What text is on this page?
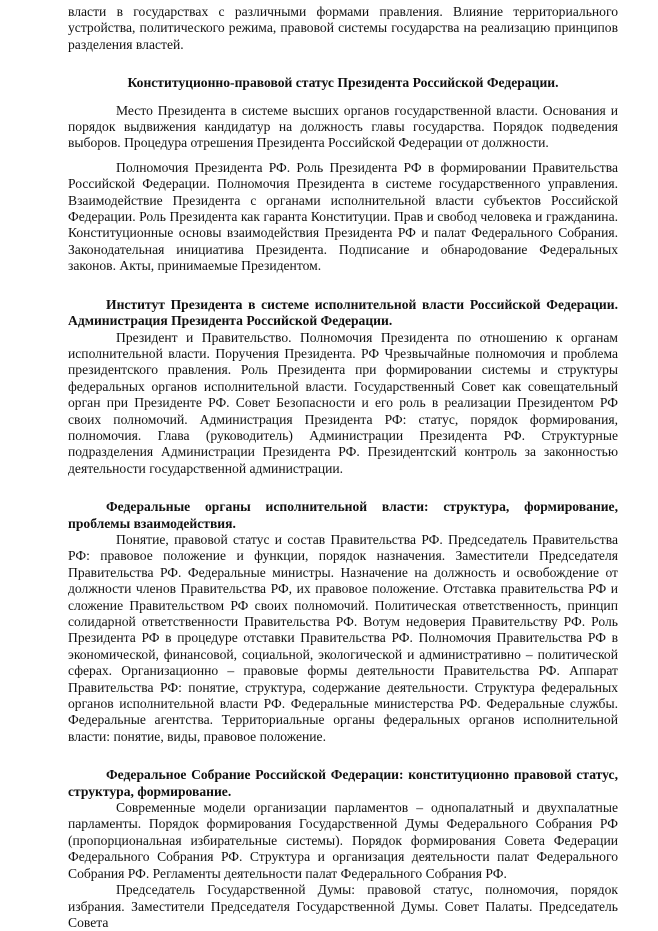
власти в государствах с различными формами правления. Влияние территориального устройства, политического режима, правовой системы государства на реализацию принципов разделения властей.

Конституционно-правовой статус Президента Российской Федерации.

Место Президента в системе высших органов государственной власти. Основания и порядок выдвижения кандидатур на должность главы государства. Порядок подведения выборов. Процедура отрешения Президента Российской Федерации от должности.

Полномочия Президента РФ. Роль Президента РФ в формировании Правительства Российской Федерации. Полномочия Президента в системе государственного управления. Взаимодействие Президента с органами исполнительной власти субъектов Российской Федерации. Роль Президента как гаранта Конституции. Прав и свобод человека и гражданина. Конституционные основы взаимодействия Президента РФ и палат Федерального Собрания. Законодательная инициатива Президента. Подписание и обнародование Федеральных законов. Акты, принимаемые Президентом.

Институт Президента в системе исполнительной власти Российской Федерации. Администрация Президента Российской Федерации.

Президент и Правительство. Полномочия Президента по отношению к органам исполнительной власти. Поручения Президента. РФ Чрезвычайные полномочия и проблема президентского правления. Роль Президента при формировании системы и структуры федеральных органов исполнительной власти. Государственный Совет как совещательный орган при Президенте РФ. Совет Безопасности и его роль в реализации Президентом РФ своих полномочий. Администрация Президента РФ: статус, порядок формирования, полномочия. Глава (руководитель) Администрации Президента РФ. Структурные подразделения Администрации Президента РФ. Президентский контроль за законностью деятельности государственной администрации.

Федеральные органы исполнительной власти: структура, формирование, проблемы взаимодействия.

Понятие, правовой статус и состав Правительства РФ. Председатель Правительства РФ: правовое положение и функции, порядок назначения. Заместители Председателя Правительства РФ. Федеральные министры. Назначение на должность и освобождение от должности членов Правительства РФ, их правовое положение. Отставка правительства РФ и сложение Правительством РФ своих полномочий. Политическая ответственность, принцип солидарной ответственности Правительства РФ. Вотум недоверия Правительству РФ. Роль Президента РФ в процедуре отставки Правительства РФ. Полномочия Правительства РФ в экономической, финансовой, социальной, экологической и административно – политической сферах. Организационно – правовые формы деятельности Правительства РФ. Аппарат Правительства РФ: понятие, структура, содержание деятельности. Структура федеральных органов исполнительной власти РФ. Федеральные министерства РФ. Федеральные службы. Федеральные агентства. Территориальные органы федеральных органов исполнительной власти: понятие, виды, правовое положение.

Федеральное Собрание Российской Федерации: конституционно правовой статус, структура, формирование.

Современные модели организации парламентов – однопалатный и двухпалатные парламенты. Порядок формирования Государственной Думы Федерального Собрания РФ (пропорциональная избирательные системы). Порядок формирования Совета Федерации Федерального Собрания РФ. Структура и организация деятельности палат Федерального Собрания РФ. Регламенты деятельности палат Федерального Собрания РФ.

Председатель Государственной Думы: правовой статус, полномочия, порядок избрания. Заместители Председателя Государственной Думы. Совет Палаты. Председатель Совета
